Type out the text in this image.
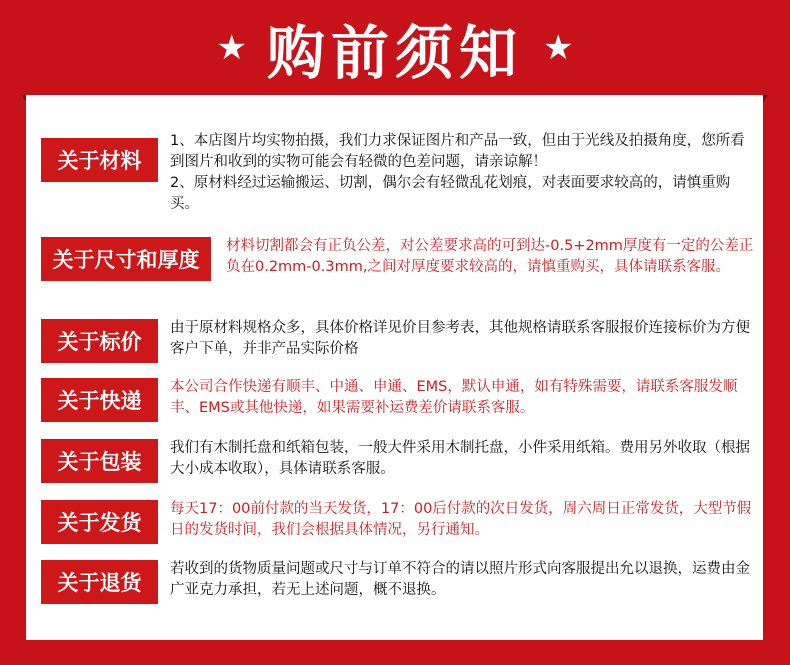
★ 购前须知 ★
关于材料

1、本店图片均实物拍摄，我们力求保证图片和产品一致，但由于光线及拍摄角度，您所看到图片和收到的实物可能会有轻微的色差问题，请亲谅解！

2、原材料经过运输搬运、切割，偶尔会有轻微乱花划痕，对表面要求较高的，请慎重购买。

关于尺寸和厚度

材料切割都会有正负公差，对公差要求高的可到达-0.5+2mm厚度有一定的公差正负在0.2mm-0.3mm,之间对厚度要求较高的，请慎重购买，具体请联系客服。

关于标价

由于原材料规格众多，具体价格详见价目参考表，其他规格请联系客服报价连接标价为方便客户下单，并非产品实际价格

关于快递

本公司合作快递有顺丰、中通、申通、EMS，默认申通，如有特殊需要，请联系客服发顺丰、EMS或其他快递，如果需要补运费差价请联系客服。

关于包装

我们有木制托盘和纸箱包装，一般大件采用木制托盘，小件采用纸箱。费用另外收取（根据大小成本收取），具体请联系客服。

关于发货

每天17：00前付款的当天发货，17：00后付款的次日发货，周六周日正常发货，大型节假日的发货时间，我们会根据具体情况，另行通知。

关于退货

若收到的货物质量问题或尺寸与订单不符合的请以照片形式向客服提出允以退换，运费由金广亚克力承担，若无上述问题，概不退换。
